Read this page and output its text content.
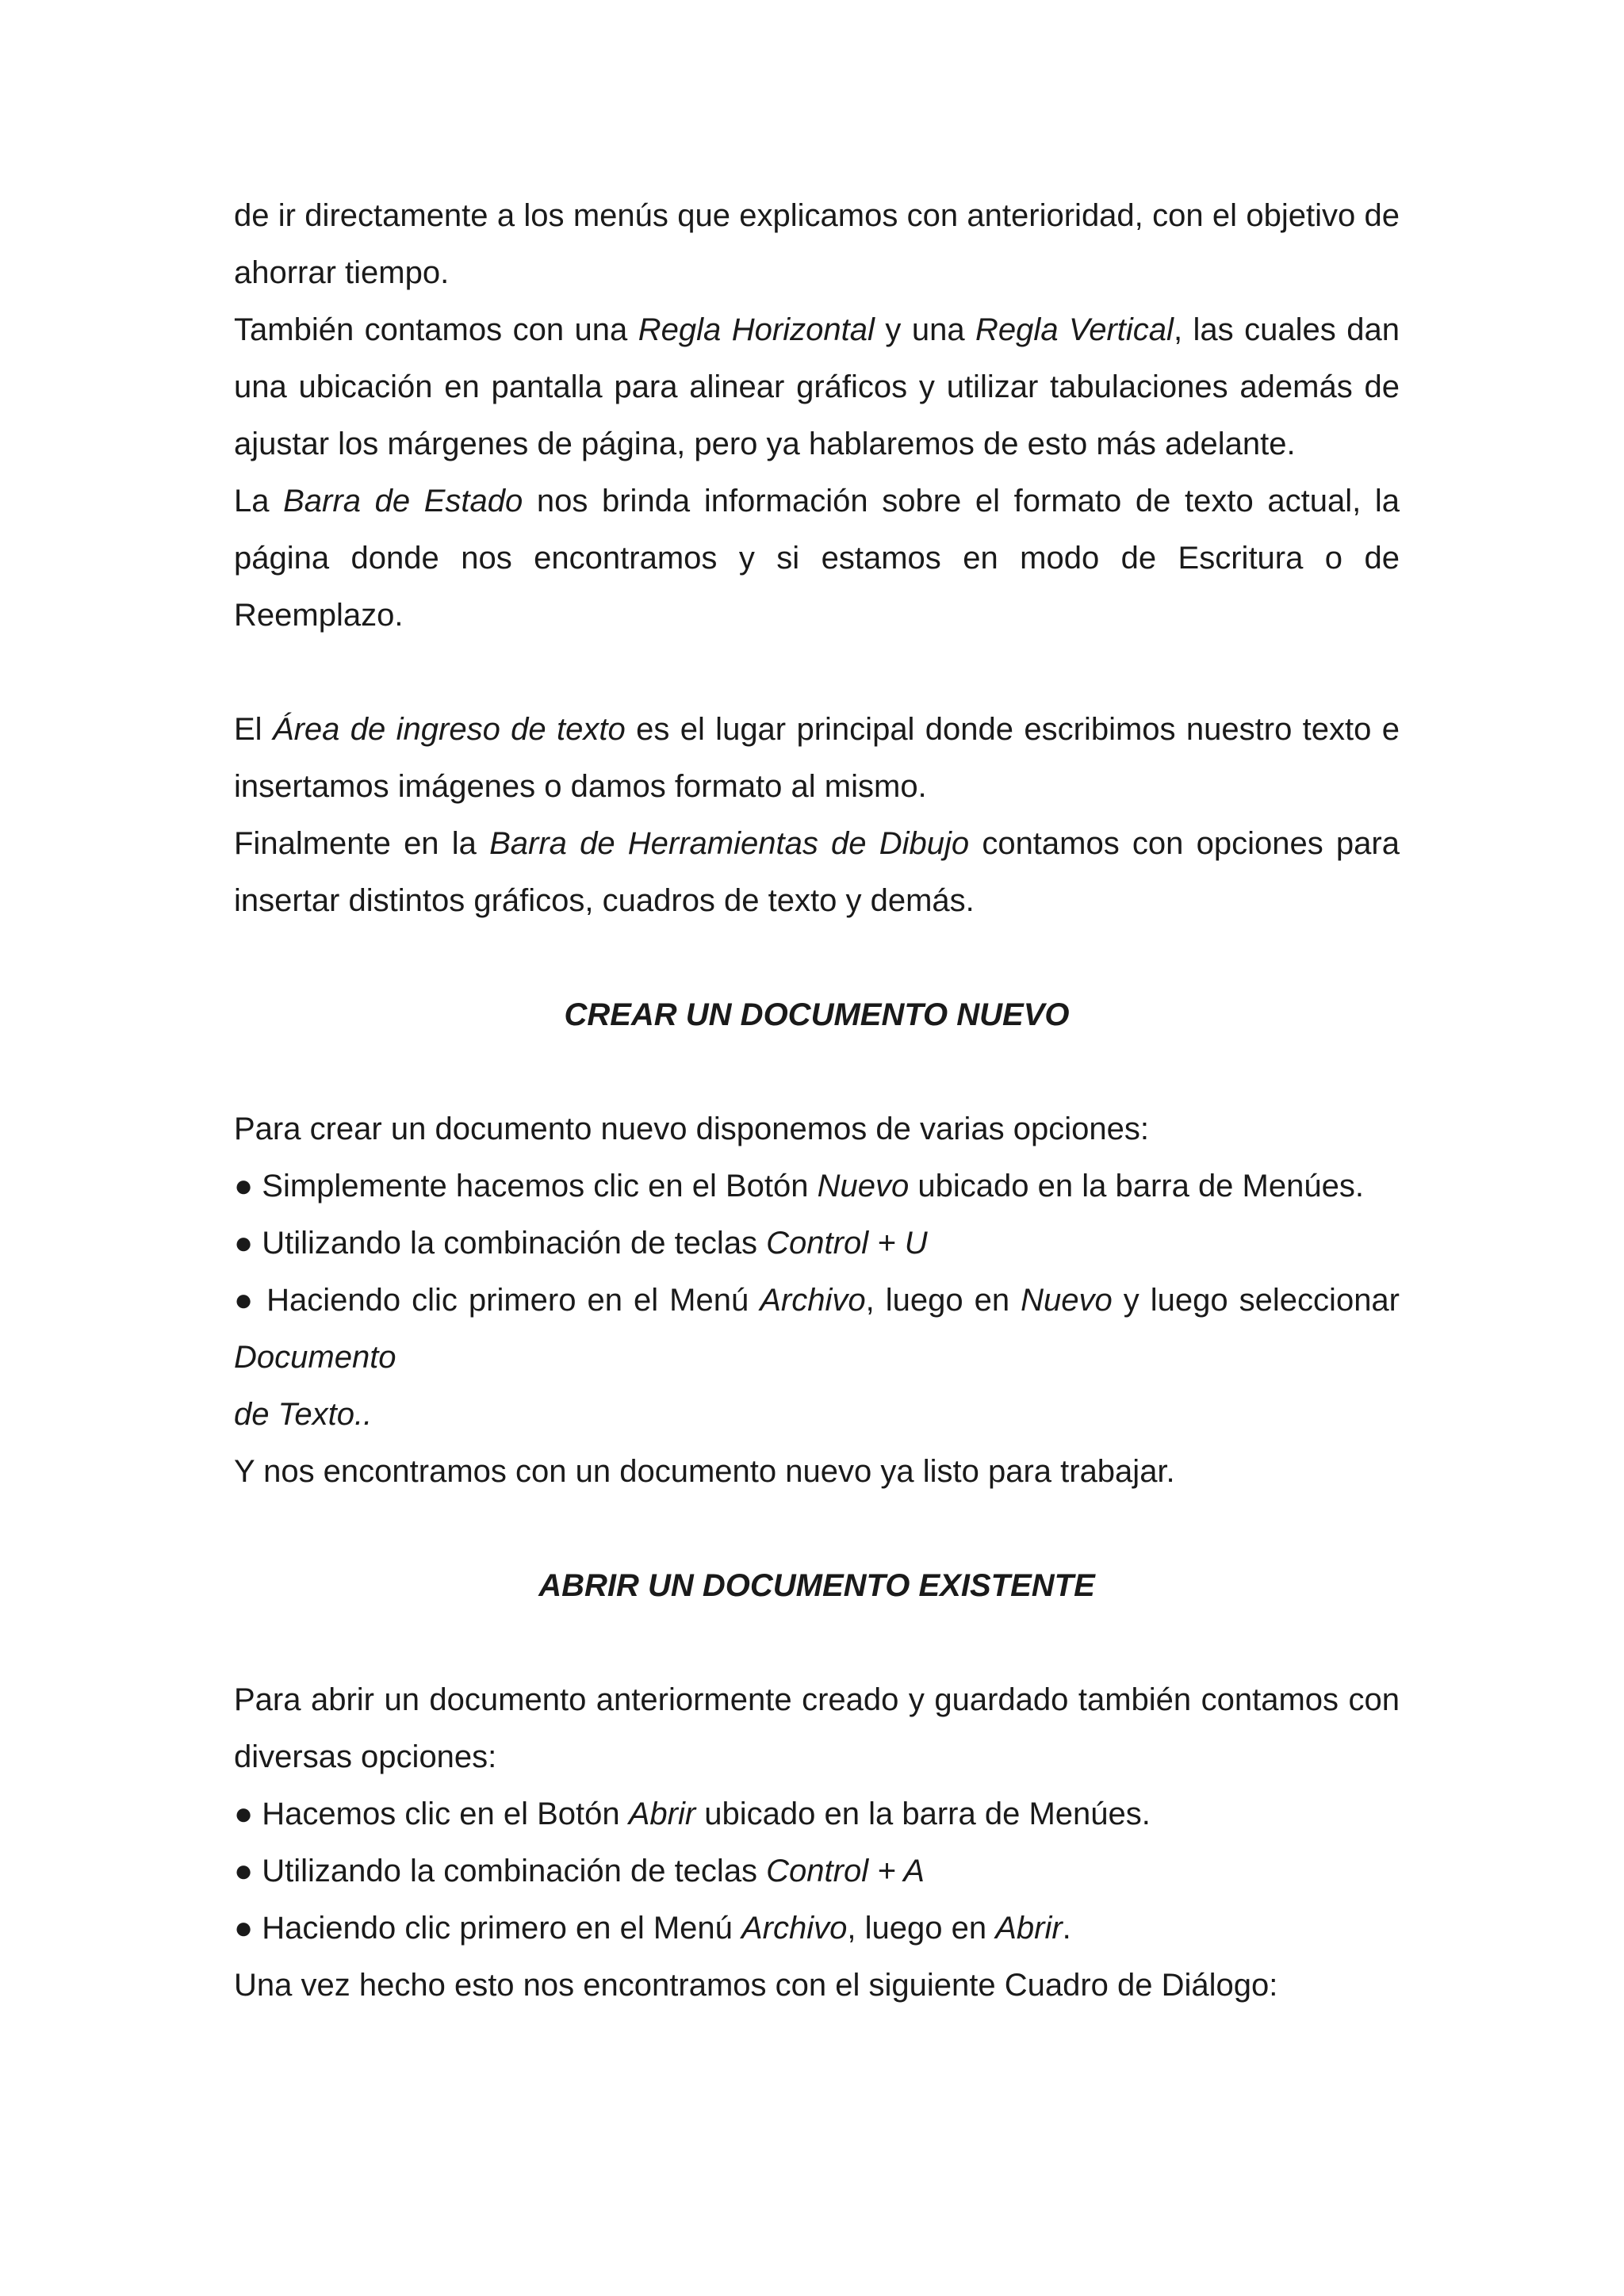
de ir directamente a los menús que explicamos con anterioridad, con el objetivo de ahorrar tiempo.

También contamos con una Regla Horizontal y una Regla Vertical, las cuales dan una ubicación en pantalla para alinear gráficos y utilizar tabulaciones además de ajustar los márgenes de página, pero ya hablaremos de esto más adelante.

La Barra de Estado nos brinda información sobre el formato de texto actual, la página donde nos encontramos y si estamos en modo de Escritura o de Reemplazo.

El Área de ingreso de texto es el lugar principal donde escribimos nuestro texto e insertamos imágenes o damos formato al mismo.

Finalmente en la Barra de Herramientas de Dibujo contamos con opciones para insertar distintos gráficos, cuadros de texto y demás.

CREAR UN DOCUMENTO NUEVO

Para crear un documento nuevo disponemos de varias opciones:

● Simplemente hacemos clic en el Botón Nuevo ubicado en la barra de Menúes.

● Utilizando la combinación de teclas Control + U

● Haciendo clic primero en el Menú Archivo, luego en Nuevo y luego seleccionar Documento

de Texto..

Y nos encontramos con un documento nuevo ya listo para trabajar.

ABRIR UN DOCUMENTO EXISTENTE

Para abrir un documento anteriormente creado y guardado también contamos con diversas opciones:

● Hacemos clic en el Botón Abrir ubicado en la barra de Menúes.

● Utilizando la combinación de teclas Control + A

● Haciendo clic primero en el Menú Archivo, luego en Abrir.

Una vez hecho esto nos encontramos con el siguiente Cuadro de Diálogo:
